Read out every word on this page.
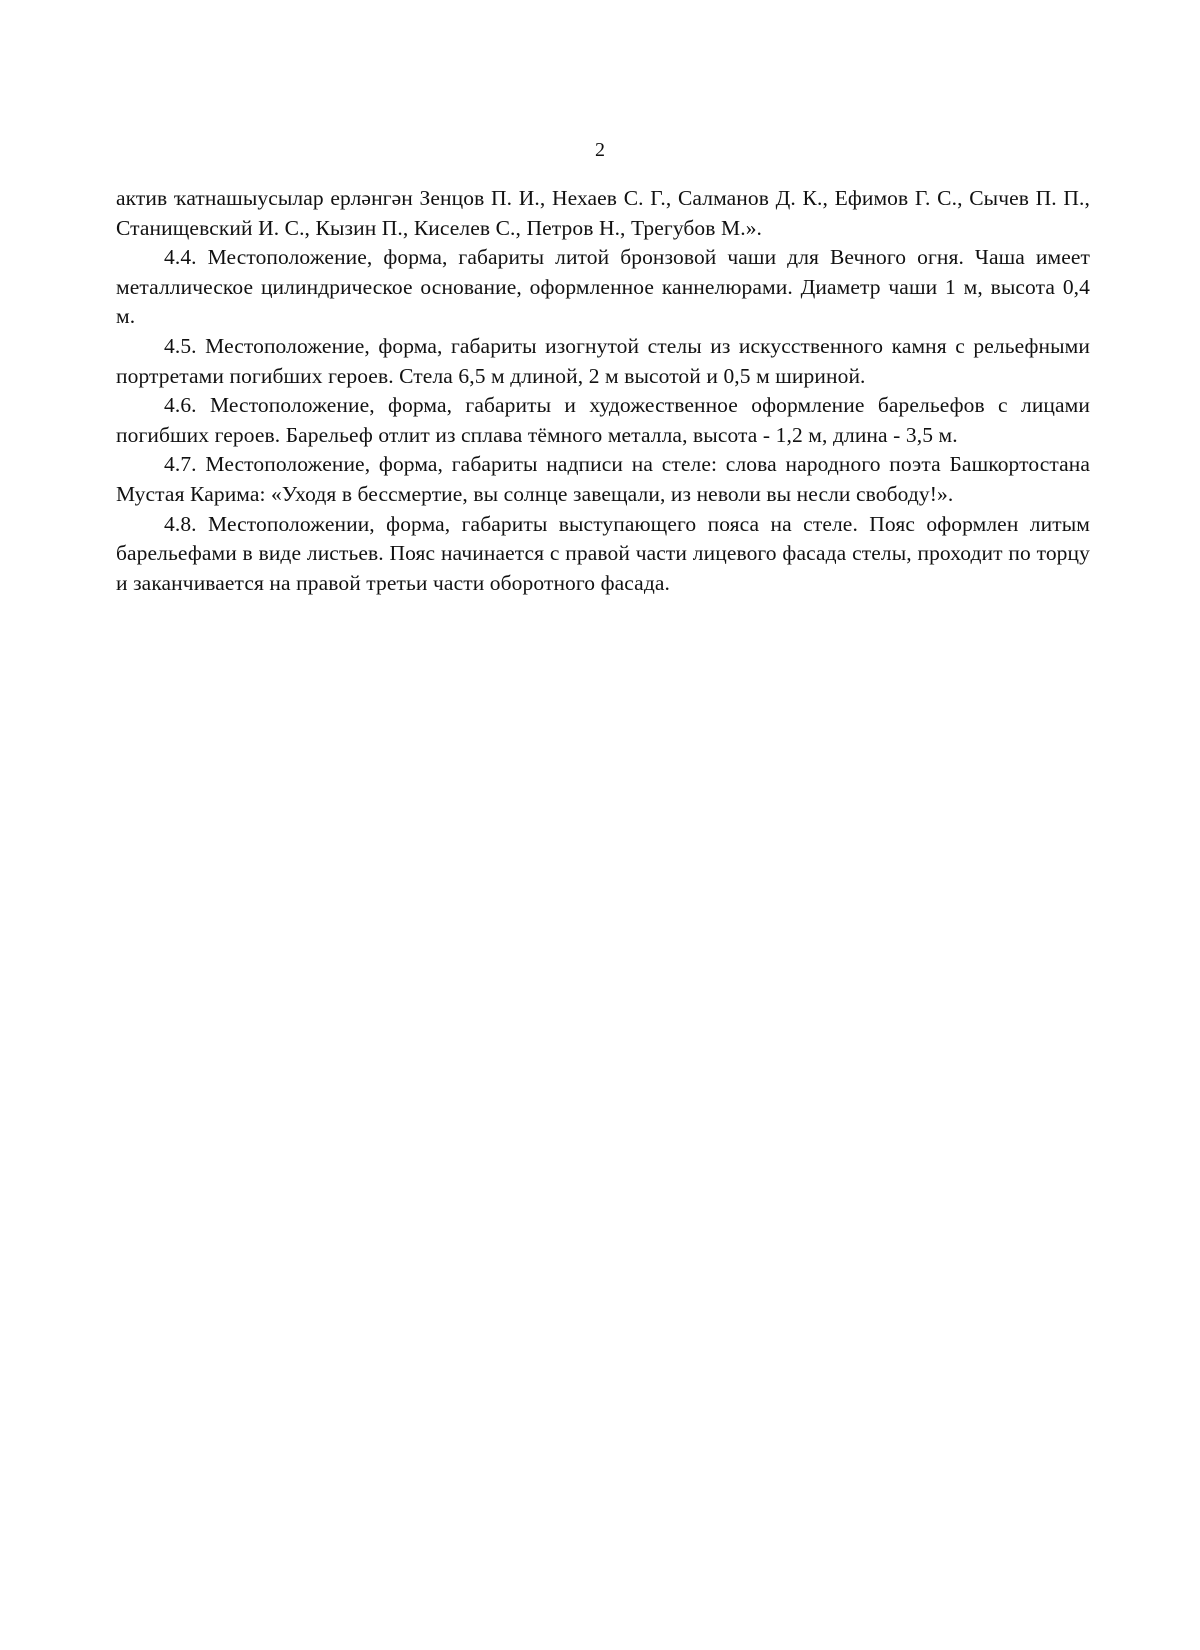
2

актив ҡатнашыусылар ерләнгән Зенцов П. И., Нехаев С. Г., Салманов Д. К., Ефимов Г. С., Сычев П. П., Станищевский И. С., Кызин П., Киселев С., Петров Н., Трегубов М.».

4.4. Местоположение, форма, габариты литой бронзовой чаши для Вечного огня. Чаша имеет металлическое цилиндрическое основание, оформленное каннелюрами. Диаметр чаши 1 м, высота 0,4 м.

4.5. Местоположение, форма, габариты изогнутой стелы из искусственного камня с рельефными портретами погибших героев. Стела 6,5 м длиной, 2 м высотой и 0,5 м шириной.

4.6. Местоположение, форма, габариты и художественное оформление барельефов с лицами погибших героев. Барельеф отлит из сплава тёмного металла, высота - 1,2 м, длина - 3,5 м.

4.7. Местоположение, форма, габариты надписи на стеле: слова народного поэта Башкортостана Мустая Карима: «Уходя в бессмертие, вы солнце завещали, из неволи вы несли свободу!».

4.8. Местоположении, форма, габариты выступающего пояса на стеле. Пояс оформлен литым барельефами в виде листьев. Пояс начинается с правой части лицевого фасада стелы, проходит по торцу и заканчивается на правой третьи части оборотного фасада.
